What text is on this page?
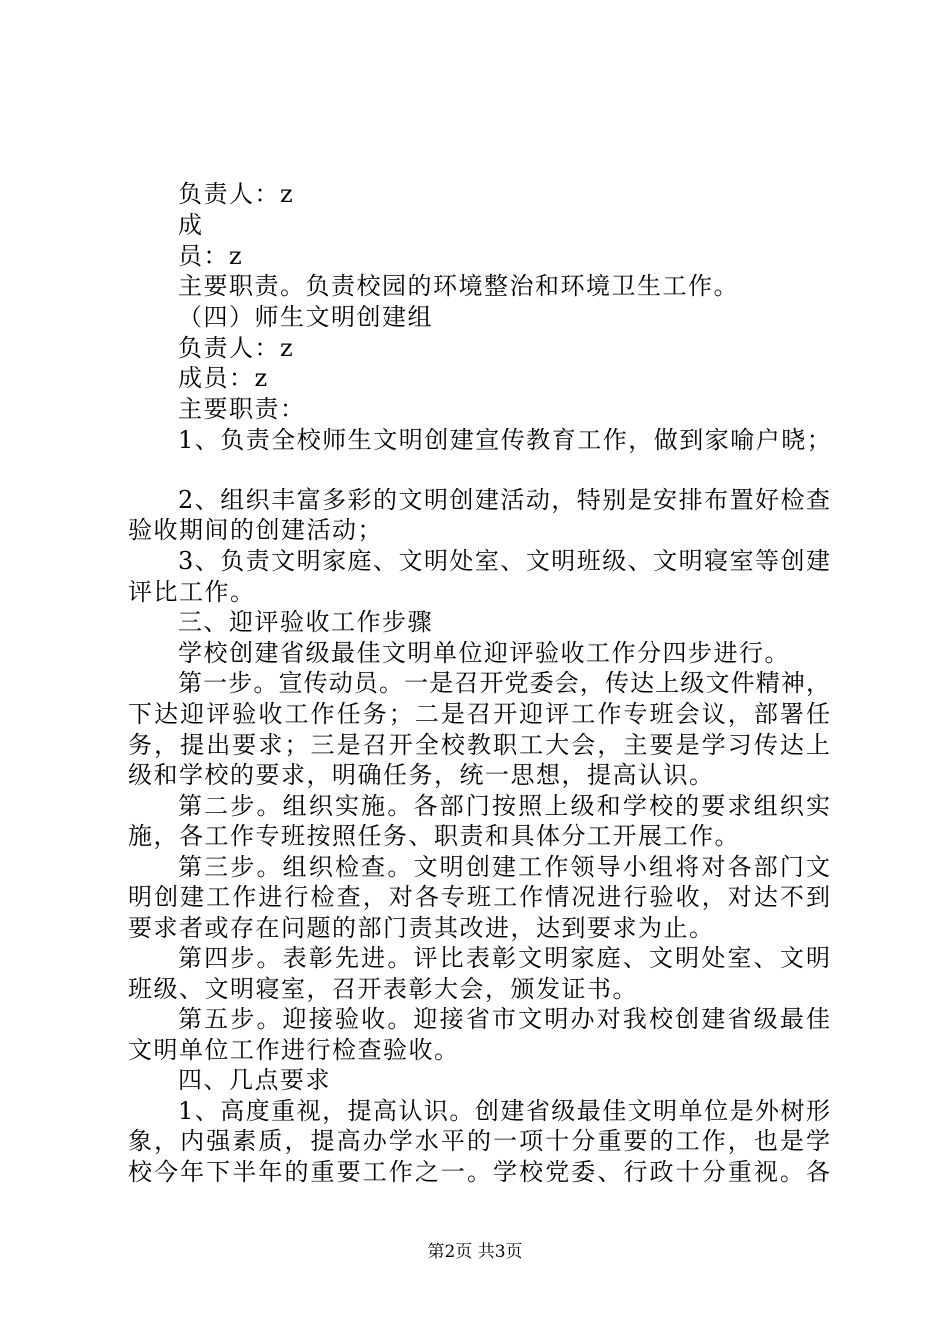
负责人：z
成
员：z
主要职责。负责校园的环境整治和环境卫生工作。
（四）师生文明创建组
负责人：z
成员：z
主要职责：
1、负责全校师生文明创建宣传教育工作，做到家喻户晓；
2、组织丰富多彩的文明创建活动，特别是安排布置好检查
验收期间的创建活动；
3、负责文明家庭、文明处室、文明班级、文明寝室等创建
评比工作。
三、迎评验收工作步骤
学校创建省级最佳文明单位迎评验收工作分四步进行。
第一步。宣传动员。一是召开党委会，传达上级文件精神，
下达迎评验收工作任务；二是召开迎评工作专班会议，部署任
务，提出要求；三是召开全校教职工大会，主要是学习传达上
级和学校的要求，明确任务，统一思想，提高认识。
第二步。组织实施。各部门按照上级和学校的要求组织实
施，各工作专班按照任务、职责和具体分工开展工作。
第三步。组织检查。文明创建工作领导小组将对各部门文
明创建工作进行检查，对各专班工作情况进行验收，对达不到
要求者或存在问题的部门责其改进，达到要求为止。
第四步。表彰先进。评比表彰文明家庭、文明处室、文明
班级、文明寝室，召开表彰大会，颁发证书。
第五步。迎接验收。迎接省市文明办对我校创建省级最佳
文明单位工作进行检查验收。
四、几点要求
1、高度重视，提高认识。创建省级最佳文明单位是外树形
象，内强素质，提高办学水平的一项十分重要的工作，也是学
校今年下半年的重要工作之一。学校党委、行政十分重视。各
第2页 共3页
